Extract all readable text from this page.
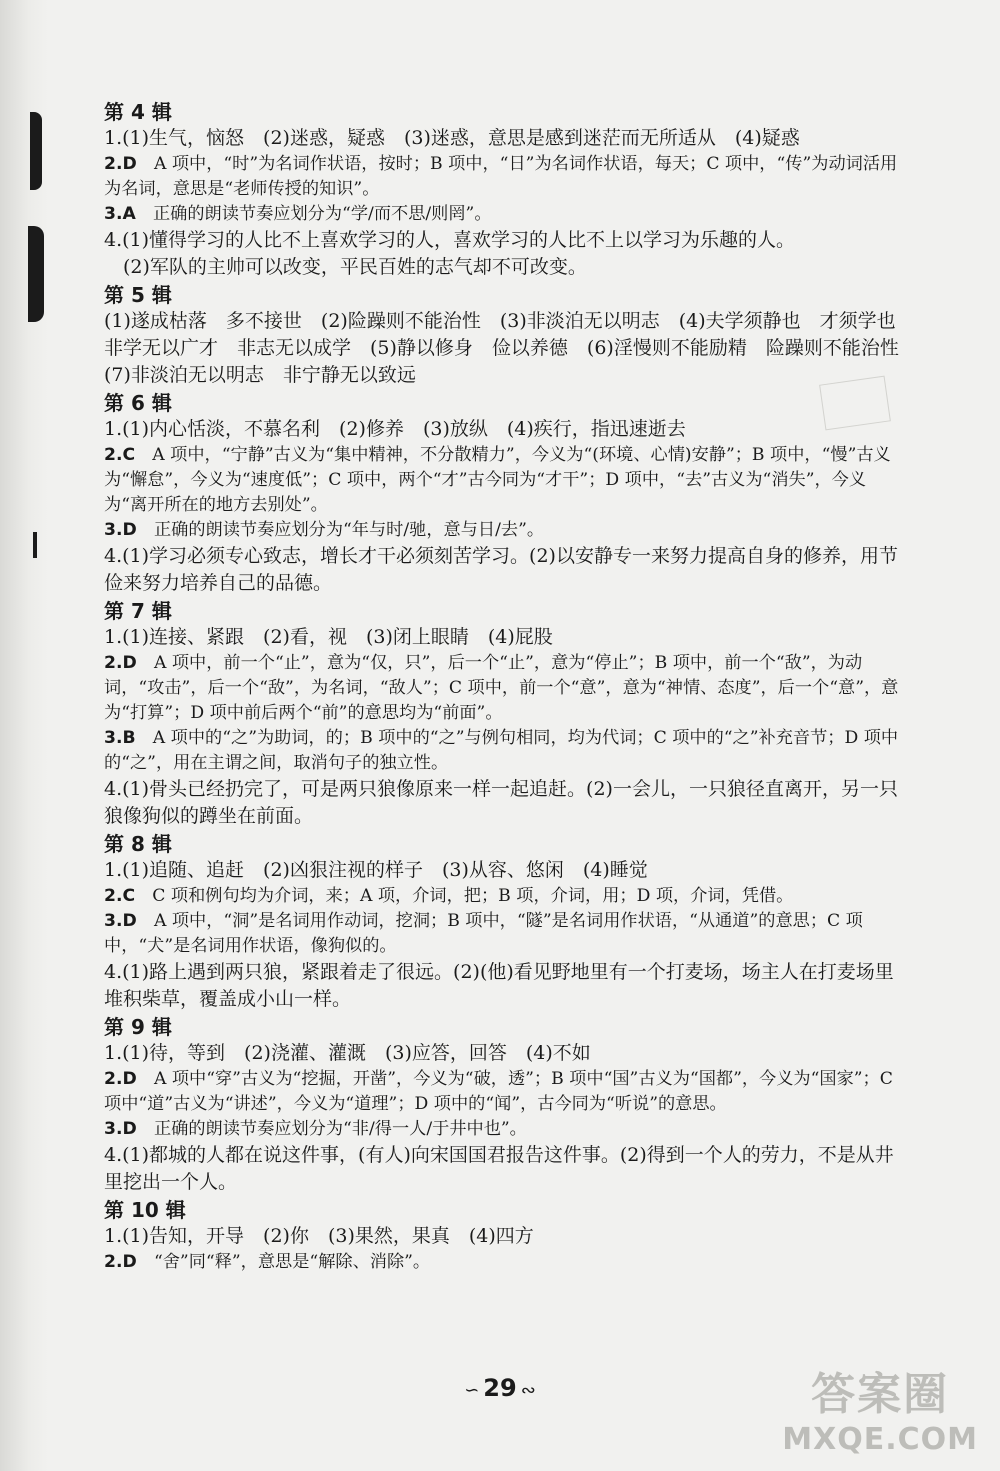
第 4 辑
1.(1)生气，恼怒　(2)迷惑，疑惑　(3)迷惑，意思是感到迷茫而无所适从　(4)疑惑
2.D　A 项中，“时”为名词作状语，按时；B 项中，“日”为名词作状语，每天；C 项中，“传”为动词活用为名词，意思是“老师传授的知识”。
3.A　正确的朗读节奏应划分为“学/而不思/则罔”。
4.(1)懂得学习的人比不上喜欢学习的人，喜欢学习的人比不上以学习为乐趣的人。
　(2)军队的主帅可以改变，平民百姓的志气却不可改变。
第 5 辑
(1)遂成枯落　多不接世　(2)险躁则不能治性　(3)非淡泊无以明志　(4)夫学须静也　才须学也　非学无以广才　非志无以成学　(5)静以修身　俭以养德　(6)淫慢则不能励精　险躁则不能治性　(7)非淡泊无以明志　非宁静无以致远
第 6 辑
1.(1)内心恬淡，不慕名利　(2)修养　(3)放纵　(4)疾行，指迅速逝去
2.C　A 项中，“宁静”古义为“集中精神，不分散精力”，今义为“(环境、心情)安静”；B 项中，“慢”古义为“懈怠”，今义为“速度低”；C 项中，两个“才”古今同为“才干”；D 项中，“去”古义为“消失”，今义为“离开所在的地方去别处”。
3.D　正确的朗读节奏应划分为“年与时/驰，意与日/去”。
4.(1)学习必须专心致志，增长才干必须刻苦学习。(2)以安静专一来努力提高自身的修养，用节俭来努力培养自己的品德。
第 7 辑
1.(1)连接、紧跟　(2)看，视　(3)闭上眼睛　(4)屁股
2.D　A 项中，前一个“止”，意为“仅，只”，后一个“止”，意为“停止”；B 项中，前一个“敌”，为动词，“攻击”，后一个“敌”，为名词，“敌人”；C 项中，前一个“意”，意为“神情、态度”，后一个“意”，意为“打算”；D 项中前后两个“前”的意思均为“前面”。
3.B　A 项中的“之”为助词，的；B 项中的“之”与例句相同，均为代词；C 项中的“之”补充音节；D 项中的“之”，用在主谓之间，取消句子的独立性。
4.(1)骨头已经扔完了，可是两只狼像原来一样一起追赶。(2)一会儿，一只狼径直离开，另一只狼像狗似的蹲坐在前面。
第 8 辑
1.(1)追随、追赶　(2)凶狠注视的样子　(3)从容、悠闲　(4)睡觉
2.C　C 项和例句均为介词，来；A 项，介词，把；B 项，介词，用；D 项，介词，凭借。
3.D　A 项中，“洞”是名词用作动词，挖洞；B 项中，“隧”是名词用作状语，“从通道”的意思；C 项中，“犬”是名词用作状语，像狗似的。
4.(1)路上遇到两只狼，紧跟着走了很远。(2)(他)看见野地里有一个打麦场，场主人在打麦场里堆积柴草，覆盖成小山一样。
第 9 辑
1.(1)待，等到　(2)浇灌、灌溉　(3)应答，回答　(4)不如
2.D　A 项中“穿”古义为“挖掘，开凿”，今义为“破，透”；B 项中“国”古义为“国都”，今义为“国家”；C 项中“道”古义为“讲述”，今义为“道理”；D 项中的“闻”，古今同为“听说”的意思。
3.D　正确的朗读节奏应划分为“非/得一人/于井中也”。
4.(1)都城的人都在说这件事，(有人)向宋国国君报告这件事。(2)得到一个人的劳力，不是从井里挖出一个人。
第 10 辑
1.(1)告知，开导　(2)你　(3)果然，果真　(4)四方
2.D　“舍”同“释”，意思是“解除、消除”。
∽ 29 ∾	答案圈
MXQE.COM
